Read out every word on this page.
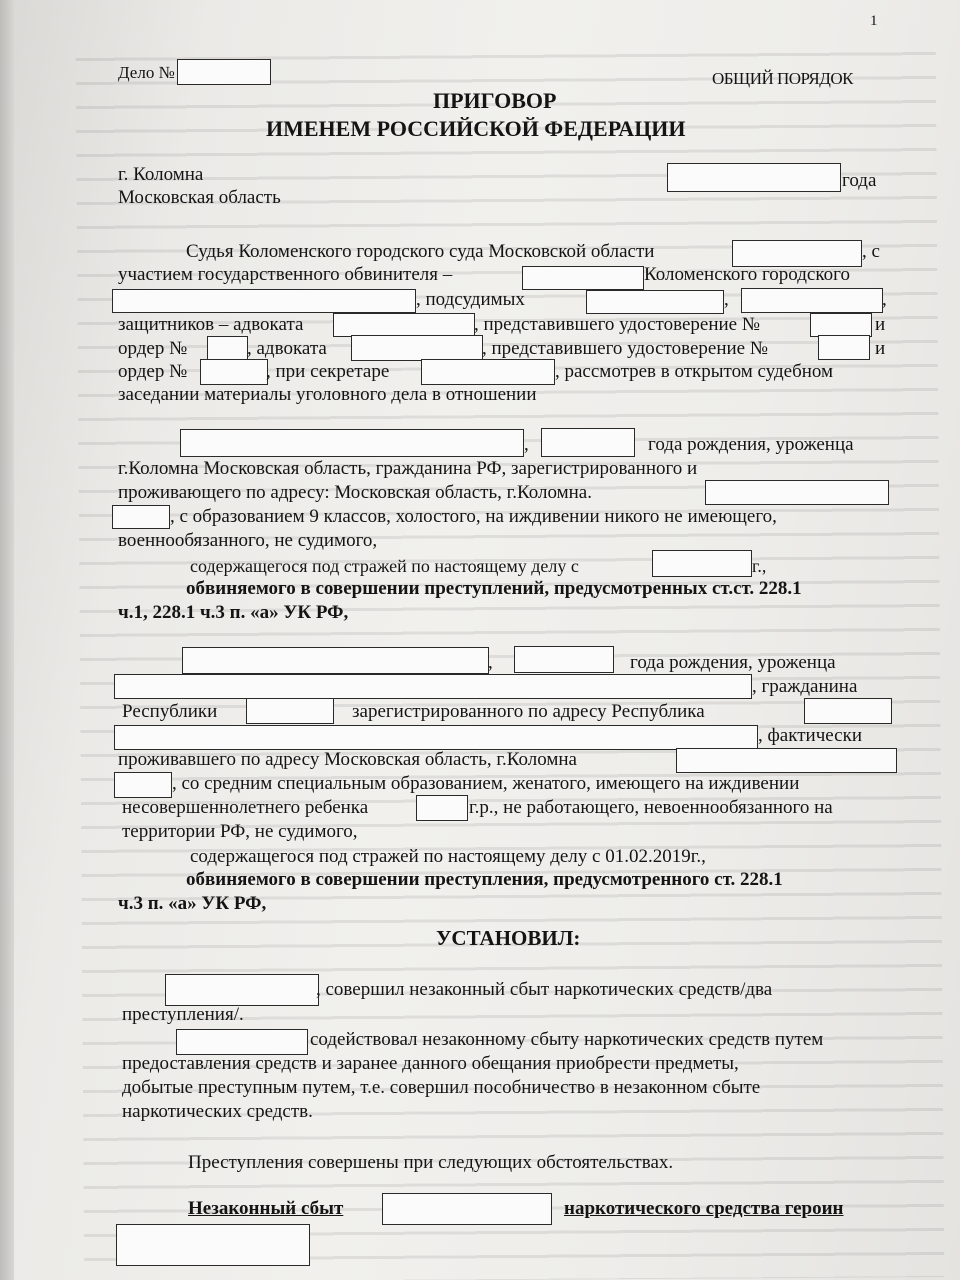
1
Дело №	ОБЩИЙ ПОРЯДОК
ПРИГОВОР
ИМЕНЕМ РОССИЙСКОЙ ФЕДЕРАЦИИ
г. Коломна	года
Московская область
Судья Коломенского городского суда Московской области	, с
участием государственного обвинителя –	Коломенского городского
, подсудимых	,	,
защитников – адвоката	, представившего удостоверение №	и
ордер №	, адвоката	, представившего удостоверение №	и
ордер №	, при секретаре	, рассмотрев в открытом судебном
заседании материалы уголовного дела в отношении
,	года рождения, уроженца
г.Коломна Московская область, гражданина РФ, зарегистрированного и
проживающего по адресу: Московская область, г.Коломна.
, с образованием 9 классов, холостого, на иждивении никого не имеющего,
военнообязанного, не судимого,
содержащегося под стражей по настоящему делу с	г.,
обвиняемого в совершении преступлений, предусмотренных ст.ст. 228.1
ч.1, 228.1 ч.3 п. «а» УК РФ,
,	года рождения, уроженца
, гражданина
Республики	зарегистрированного по адресу Республика
, фактически
проживавшего по адресу Московская область, г.Коломна
, со средним специальным образованием, женатого, имеющего на иждивении
несовершеннолетнего ребенка	г.р., не работающего, невоеннообязанного на
территории РФ, не судимого,
содержащегося под стражей по настоящему делу с 01.02.2019г.,
обвиняемого в совершении преступления, предусмотренного ст. 228.1
ч.3 п. «а» УК РФ,
УСТАНОВИЛ:
, совершил незаконный сбыт наркотических средств/два
преступления/.
содействовал незаконному сбыту наркотических средств путем
предоставления средств и заранее данного обещания приобрести предметы,
добытые преступным путем, т.е. совершил пособничество в незаконном сбыте
наркотических средств.
Преступления совершены при следующих обстоятельствах.
Незаконный сбыт	наркотического средства героин
